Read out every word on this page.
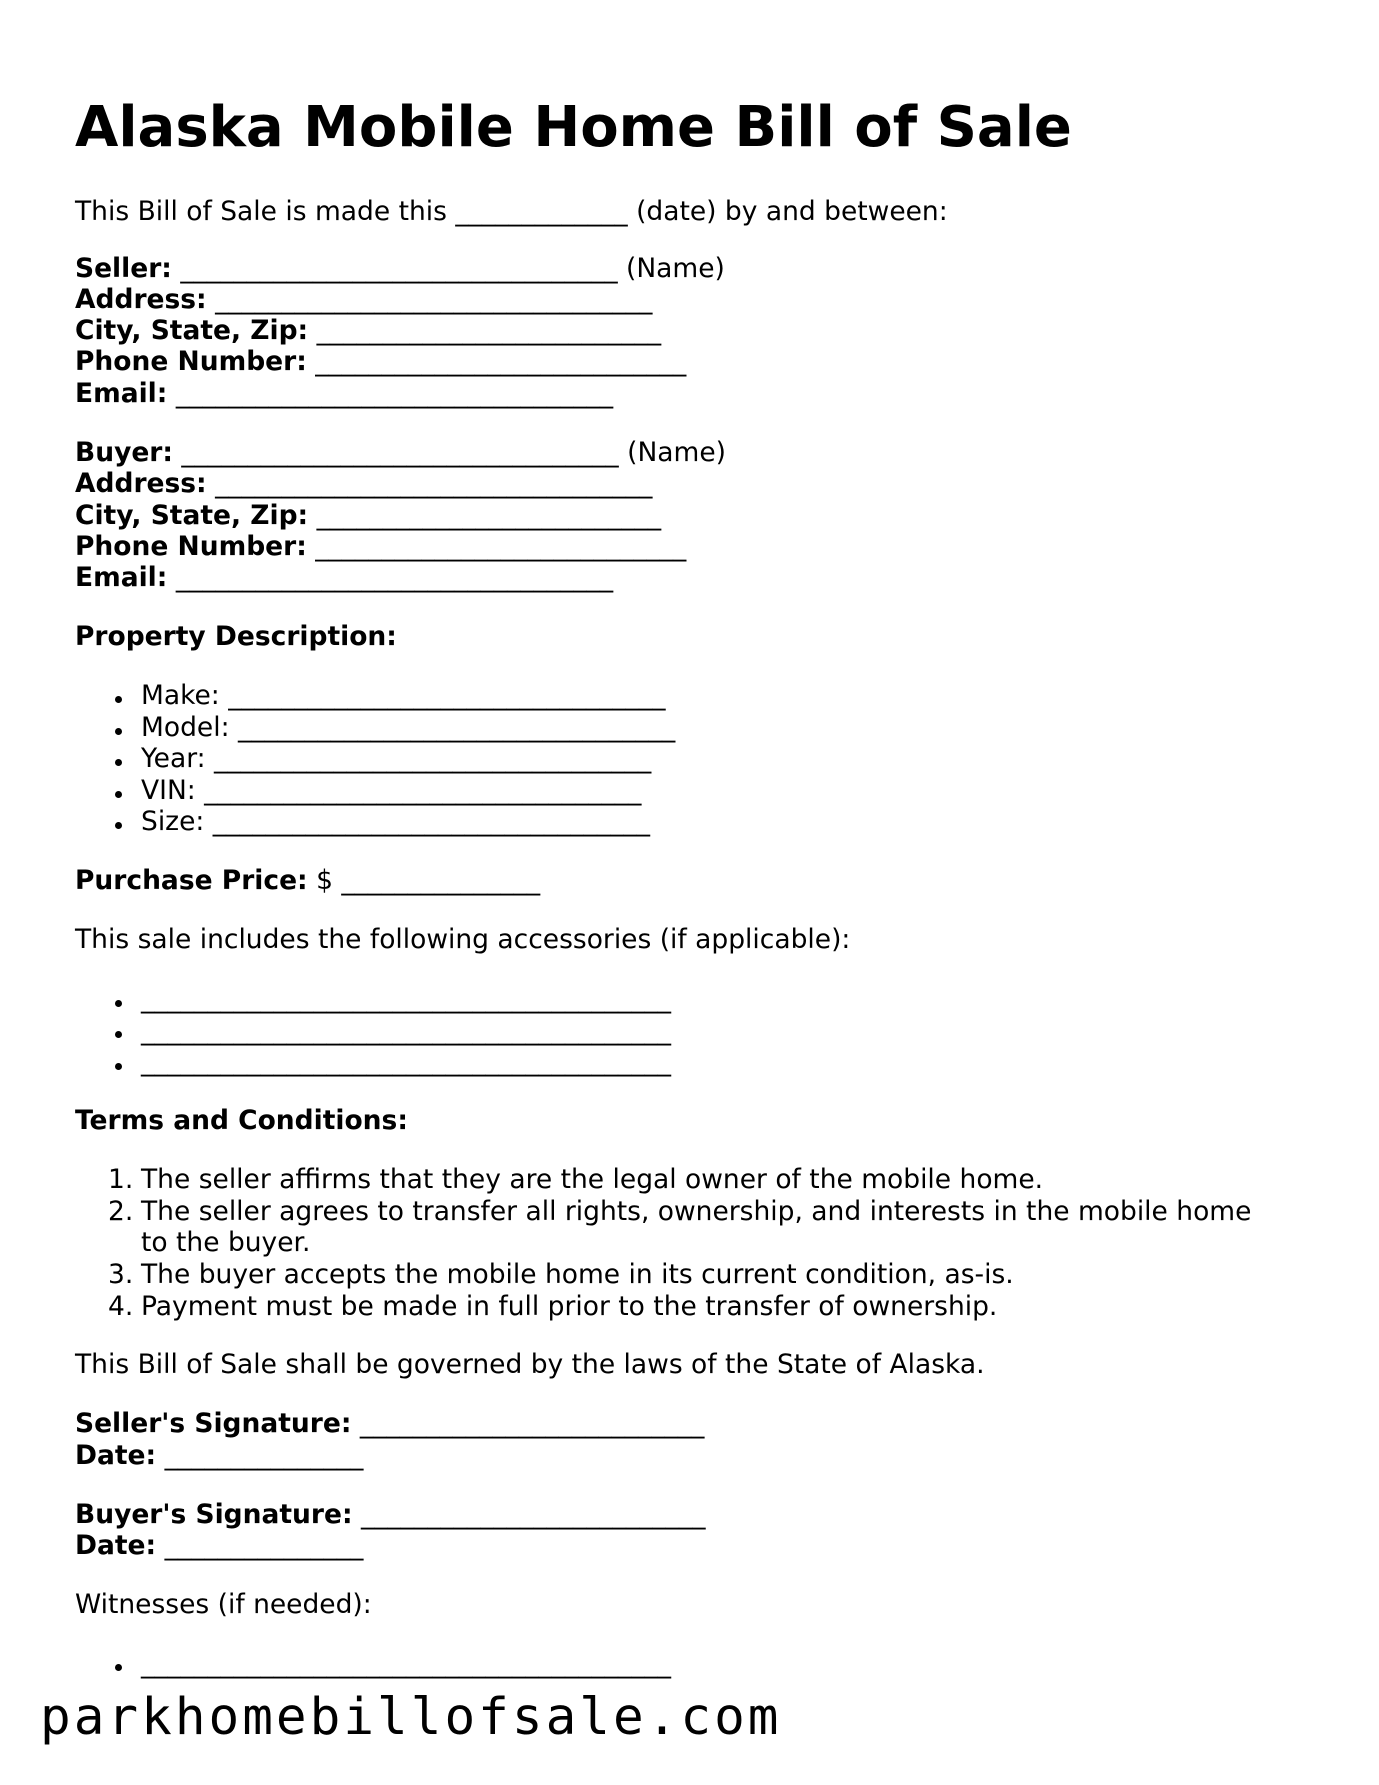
Alaska Mobile Home Bill of Sale
This Bill of Sale is made this _____________ (date) by and between:
Seller: _________________________________ (Name)
Address: _________________________________
City, State, Zip: __________________________
Phone Number: ____________________________
Email: _________________________________
Buyer: _________________________________ (Name)
Address: _________________________________
City, State, Zip: __________________________
Phone Number: ____________________________
Email: _________________________________
Property Description:
Make: _________________________________
Model: _________________________________
Year: _________________________________
VIN: _________________________________
Size: _________________________________
Purchase Price: $ _______________
This sale includes the following accessories (if applicable):
________________________________________
________________________________________
________________________________________
Terms and Conditions:
1. The seller affirms that they are the legal owner of the mobile home.
2. The seller agrees to transfer all rights, ownership, and interests in the mobile home
to the buyer.
3. The buyer accepts the mobile home in its current condition, as-is.
4. Payment must be made in full prior to the transfer of ownership.
This Bill of Sale shall be governed by the laws of the State of Alaska.
Seller's Signature: __________________________
Date: _______________
Buyer's Signature: __________________________
Date: _______________
Witnesses (if needed):
________________________________________
parkhomebillofsale.com
